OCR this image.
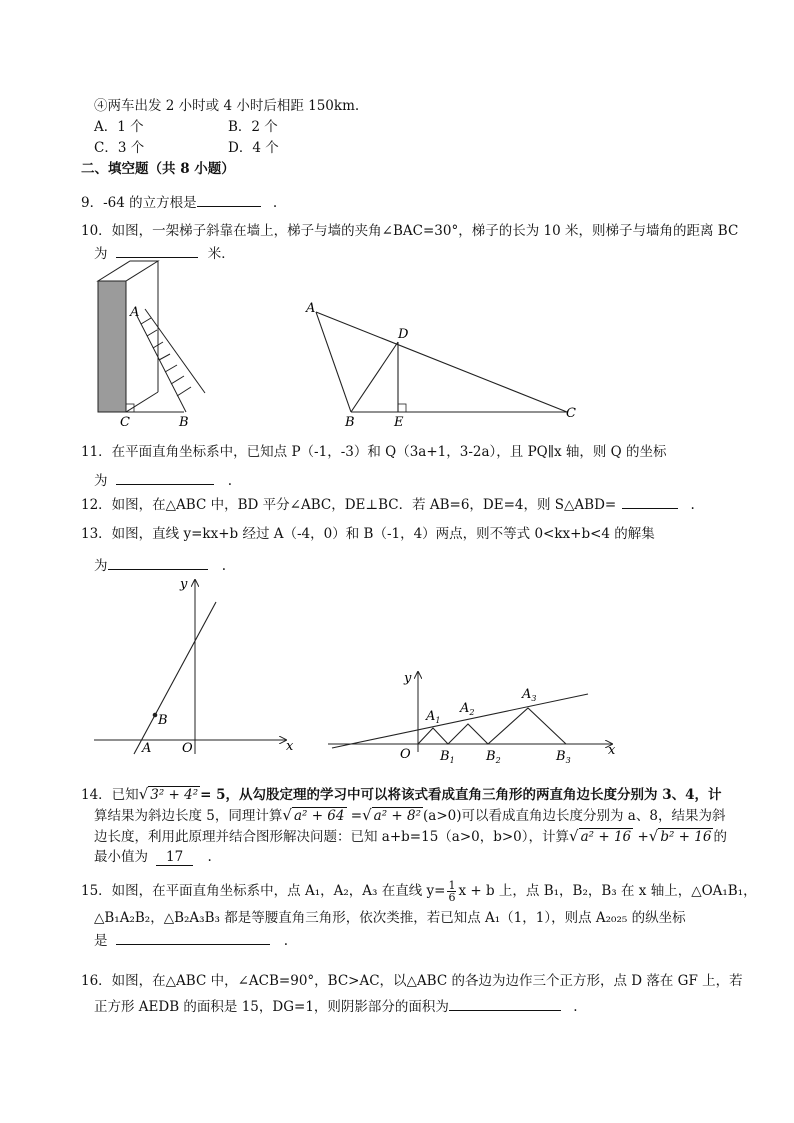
④两车出发 2 小时或 4 小时后相距 150km.
A．1 个	B．2 个
C．3 个	D．4 个
二、填空题（共 8 小题）
9．-64 的立方根是	.
10．如图，一架梯子斜靠在墙上，梯子与墙的夹角∠BAC=30°，梯子的长为 10 米，则梯子与墙角的距离 BC
为	米．
A
C	B
A
D
B	E
C
11．在平面直角坐标系中，已知点 P（-1，-3）和 Q（3a+1，3-2a），且 PQ∥x 轴，则 Q 的坐标
为	.
12．如图，在△ABC 中，BD 平分∠ABC，DE⊥BC．若 AB=6，DE=4，则 S△ABD=	.
13．如图，直线 y=kx+b 经过 A（-4，0）和 B（-1，4）两点，则不等式 0<kx+b<4 的解集
为	.
y
x
B
A O
y
x
O
$A_1$
$A_2$
$A_3$
$B_1$ $B_2$	$B_3$
14．已知√ 3² + 4² = 5，从勾股定理的学习中可以将该式看成直角三角形的两直角边长度分别为 3、4，计
算结果为斜边长度 5，同理计算√ a² + 64 =√ a² + 8² (a>0)可以看成直角边长度分别为 a、8，结果为斜
边长度，利用此原理并结合图形解决问题：已知 a+b=15（a>0，b>0），计算√ a² + 16 +√ b² + 16 的
最小值为 17 .
15．如图，在平面直角坐标系中，点 A₁，A₂，A₃ 在直线 $y= \frac{1}{6}$ x + b 上，点 B₁，B₂，B₃ 在 x 轴上，△OA₁B₁，
△B₁A₂B₂，△B₂A₃B₃ 都是等腰直角三角形，依次类推，若已知点 A₁（1，1），则点 A₂₀₂₅ 的纵坐标
是	.
16．如图，在△ABC 中，∠ACB=90°，BC>AC，以△ABC 的各边为边作三个正方形，点 D 落在 GF 上，若
正方形 AEDB 的面积是 15，DG=1，则阴影部分的面积为	.
